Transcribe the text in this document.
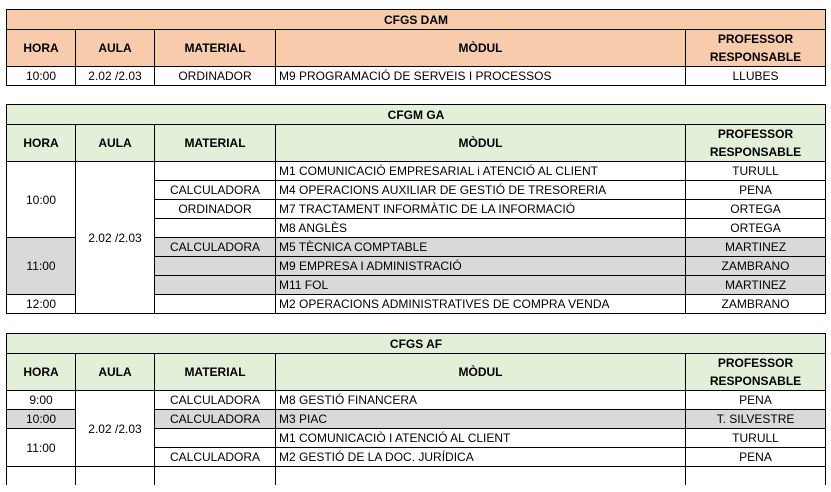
CFGS DAM				
HORA	AULA	MATERIAL	MÒDUL	PROFESSOR
RESPONSABLE
10:00	2.02 /2.03	ORDINADOR	M9 PROGRAMACIÓ DE SERVEIS I PROCESSOS	LLUBES
CFGM GA				
HORA	AULA	MATERIAL	MÒDUL	PROFESSOR
RESPONSABLE
10:00	2.02 /2.03		M1 COMUNICACIÓ EMPRESARIAL i ATENCIÓ AL CLIENT	TURULL
		CALCULADORA	M4 OPERACIONS AUXILIAR DE GESTIÓ DE TRESORERIA	PENA
		ORDINADOR	M7 TRACTAMENT INFORMÀTIC DE LA INFORMACIÓ	ORTEGA
			M8 ANGLÈS	ORTEGA
11:00		CALCULADORA	M5 TÈCNICA COMPTABLE	MARTINEZ
			M9 EMPRESA I ADMINISTRACIÓ	ZAMBRANO
			M11 FOL	MARTINEZ
12:00			M2 OPERACIONS ADMINISTRATIVES DE COMPRA VENDA	ZAMBRANO
CFGS AF				
HORA	AULA	MATERIAL	MÒDUL	PROFESSOR
RESPONSABLE
9:00	2.02 /2.03	CALCULADORA	M8 GESTIÓ FINANCERA	PENA
10:00		CALCULADORA	M3 PIAC	T. SILVESTRE
11:00			M1 COMUNICACIÒ I ATENCIÓ AL CLIENT	TURULL
		CALCULADORA	M2 GESTIÓ DE LA DOC. JURÍDICA	PENA
